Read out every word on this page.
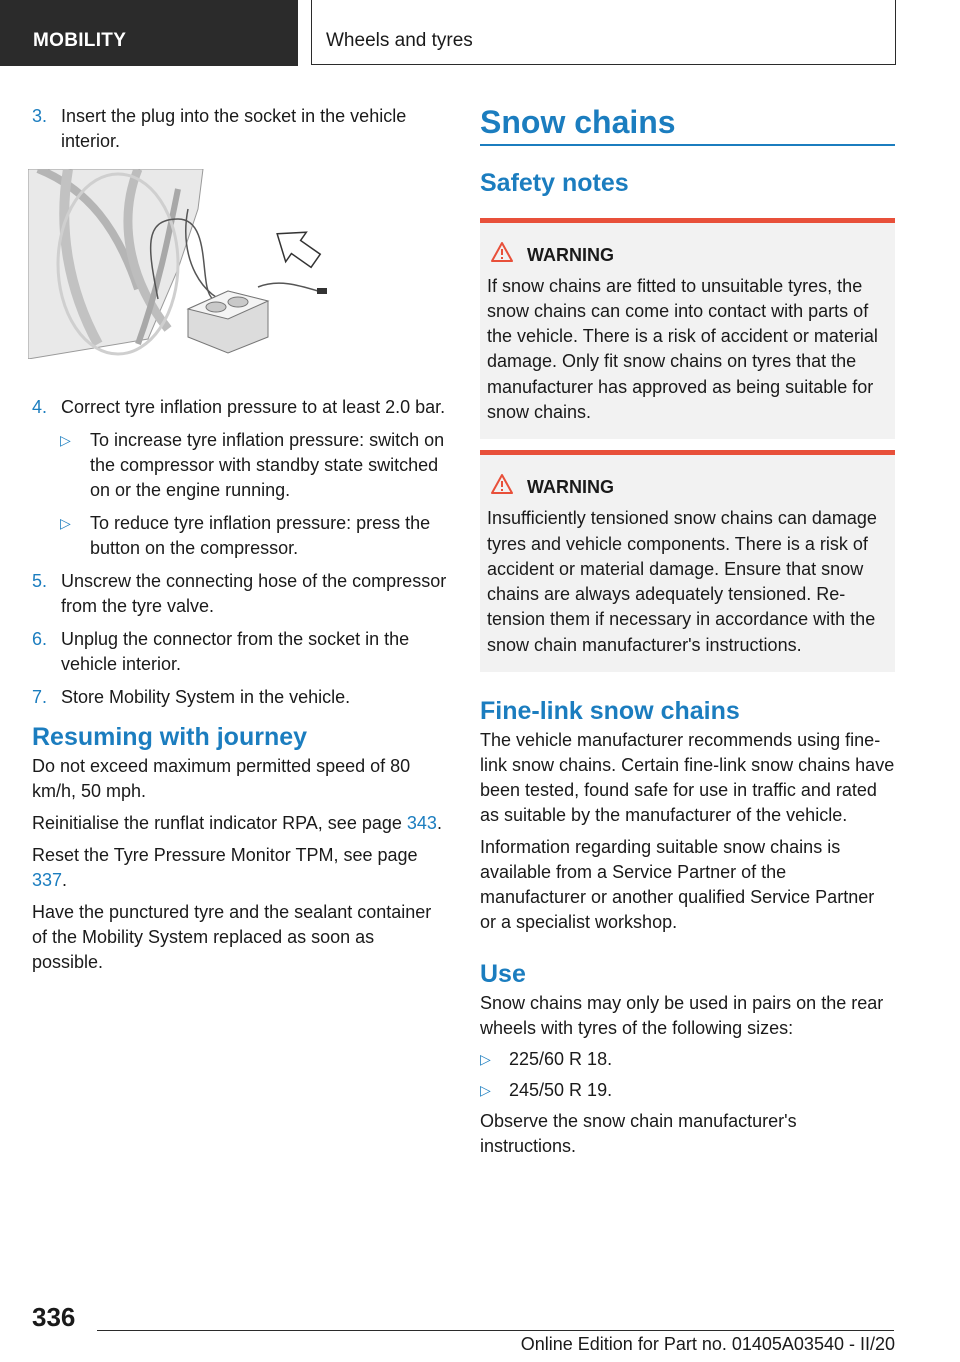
MOBILITY	Wheels and tyres
3. Insert the plug into the socket in the vehicle interior.
4. Correct tyre inflation pressure to at least 2.0 bar.
▷ To increase tyre inflation pressure: switch on the compressor with standby state switched on or the engine running.
▷ To reduce tyre inflation pressure: press the button on the compressor.
5. Unscrew the connecting hose of the compressor from the tyre valve.
6. Unplug the connector from the socket in the vehicle interior.
7. Store Mobility System in the vehicle.
Resuming with journey

Do not exceed maximum permitted speed of 80 km/h, 50 mph.

Reinitialise the runflat indicator RPA, see page 343.

Reset the Tyre Pressure Monitor TPM, see page 337.

Have the punctured tyre and the sealant container of the Mobility System replaced as soon as possible.

Snow chains
Safety notes
WARNING

If snow chains are fitted to unsuitable tyres, the snow chains can come into contact with parts of the vehicle. There is a risk of accident or material damage. Only fit snow chains on tyres that the manufacturer has approved as being suitable for snow chains.

WARNING

Insufficiently tensioned snow chains can damage tyres and vehicle components. There is a risk of accident or material damage. Ensure that snow chains are always adequately tensioned. Re-tension them if necessary in accordance with the snow chain manufacturer's instructions.

Fine-link snow chains

The vehicle manufacturer recommends using fine-link snow chains. Certain fine-link snow chains have been tested, found safe for use in traffic and rated as suitable by the manufacturer of the vehicle.

Information regarding suitable snow chains is available from a Service Partner of the manufacturer or another qualified Service Partner or a specialist workshop.

Use

Snow chains may only be used in pairs on the rear wheels with tyres of the following sizes:

▷ 225/60 R 18.
▷ 245/50 R 19.

Observe the snow chain manufacturer's instructions.

336
Online Edition for Part no. 01405A03540 - II/20
